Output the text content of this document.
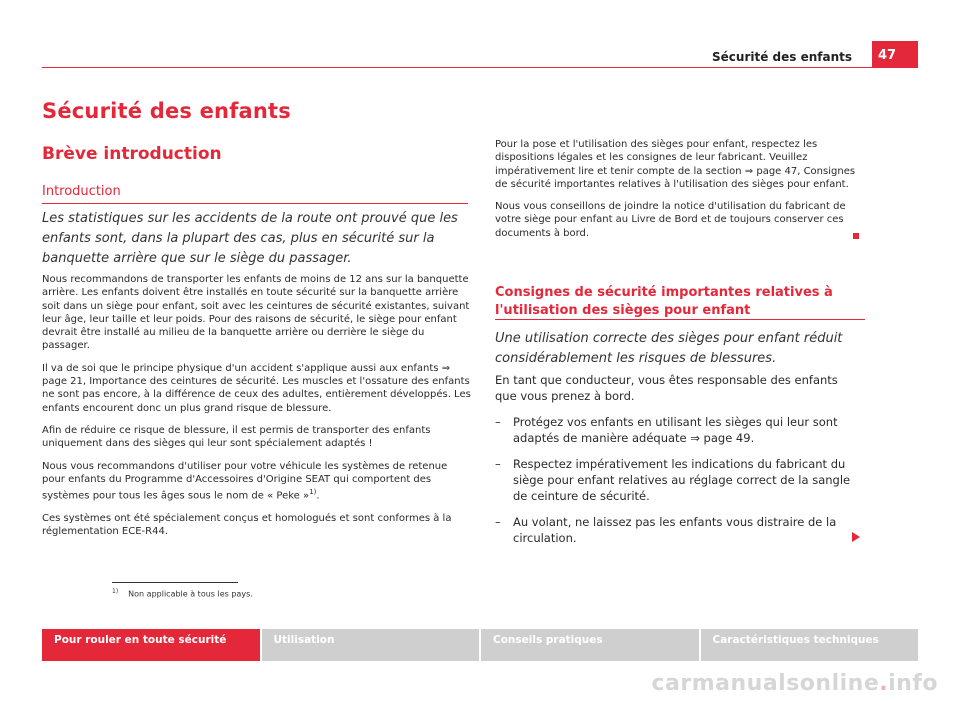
Sécurité des enfants	47
Sécurité des enfants
Brève introduction
Introduction
Les statistiques sur les accidents de la route ont prouvé que les enfants sont, dans la plupart des cas, plus en sécurité sur la banquette arrière que sur le siège du passager.

Nous recommandons de transporter les enfants de moins de 12 ans sur la banquette arrière. Les enfants doivent être installés en toute sécurité sur la banquette arrière soit dans un siège pour enfant, soit avec les ceintures de sécurité existantes, suivant leur âge, leur taille et leur poids. Pour des raisons de sécurité, le siège pour enfant devrait être installé au milieu de la banquette arrière ou derrière le siège du passager.

Il va de soi que le principe physique d'un accident s'applique aussi aux enfants ⇒ page 21, Importance des ceintures de sécurité. Les muscles et l'ossature des enfants ne sont pas encore, à la différence de ceux des adultes, entièrement développés. Les enfants encourent donc un plus grand risque de blessure.

Afin de réduire ce risque de blessure, il est permis de transporter des enfants uniquement dans des sièges qui leur sont spécialement adaptés !

Nous vous recommandons d'utiliser pour votre véhicule les systèmes de retenue pour enfants du Programme d'Accessoires d'Origine SEAT qui comportent des systèmes pour tous les âges sous le nom de « Peke »$^{1)}$.

Ces systèmes ont été spécialement conçus et homologués et sont conformes à la réglementation ECE-R44.

Pour la pose et l'utilisation des sièges pour enfant, respectez les dispositions légales et les consignes de leur fabricant. Veuillez impérativement lire et tenir compte de la section ⇒ page 47, Consignes de sécurité importantes relatives à l'utilisation des sièges pour enfant.

Nous vous conseillons de joindre la notice d'utilisation du fabricant de votre siège pour enfant au Livre de Bord et de toujours conserver ces documents à bord.

Consignes de sécurité importantes relatives à l'utilisation des sièges pour enfant
Une utilisation correcte des sièges pour enfant réduit considérablement les risques de blessures.
En tant que conducteur, vous êtes responsable des enfants que vous prenez à bord.
– Protégez vos enfants en utilisant les sièges qui leur sont adaptés de manière adéquate ⇒ page 49.
– Respectez impérativement les indications du fabricant du siège pour enfant relatives au réglage correct de la sangle de ceinture de sécurité.
– Au volant, ne laissez pas les enfants vous distraire de la circulation.
$^{1)}$ Non applicable à tous les pays.
Pour rouler en toute sécurité	Utilisation	Conseils pratiques	Caractéristiques techniques
carmanualsonline.info
